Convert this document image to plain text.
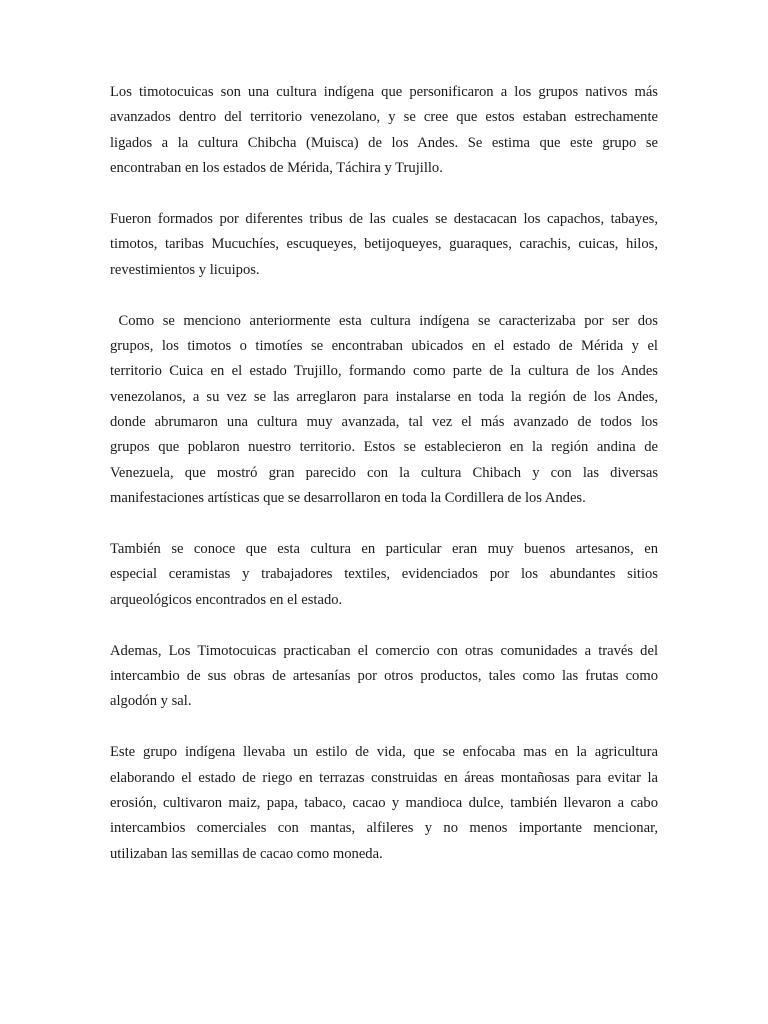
Los timotocuicas son una cultura indígena que personificaron a los grupos nativos más
avanzados dentro del territorio venezolano, y se cree que estos estaban estrechamente
ligados a la cultura Chibcha (Muisca) de los Andes. Se estima que este grupo se
encontraban en los estados de Mérida, Táchira y Trujillo.
Fueron formados por diferentes tribus de las cuales se destacacan los capachos, tabayes,
timotos, taribas Mucuchíes, escuqueyes, betijoqueyes, guaraques, carachis, cuicas, hilos,
revestimientos y licuipos.
Como se menciono anteriormente esta cultura indígena se caracterizaba por ser dos
grupos, los timotos o timotíes se encontraban ubicados en el estado de Mérida y el
territorio Cuica en el estado Trujillo, formando como parte de la cultura de los Andes
venezolanos, a su vez se las arreglaron para instalarse en toda la región de los Andes,
donde abrumaron una cultura muy avanzada, tal vez el más avanzado de todos los
grupos que poblaron nuestro territorio. Estos se establecieron en la región andina de
Venezuela, que mostró gran parecido con la cultura Chibach y con las diversas
manifestaciones artísticas que se desarrollaron en toda la Cordillera de los Andes.
También se conoce que esta cultura en particular eran muy buenos artesanos, en
especial ceramistas y trabajadores textiles, evidenciados por los abundantes sitios
arqueológicos encontrados en el estado.
Ademas, Los Timotocuicas practicaban el comercio con otras comunidades a través del
intercambio de sus obras de artesanías por otros productos, tales como las frutas como
algodón y sal.
Este grupo indígena llevaba un estilo de vida, que se enfocaba mas en la agricultura
elaborando el estado de riego en terrazas construidas en áreas montañosas para evitar la
erosión, cultivaron maiz, papa, tabaco, cacao y mandioca dulce, también llevaron a cabo
intercambios comerciales con mantas, alfileres y no menos importante mencionar,
utilizaban las semillas de cacao como moneda.
